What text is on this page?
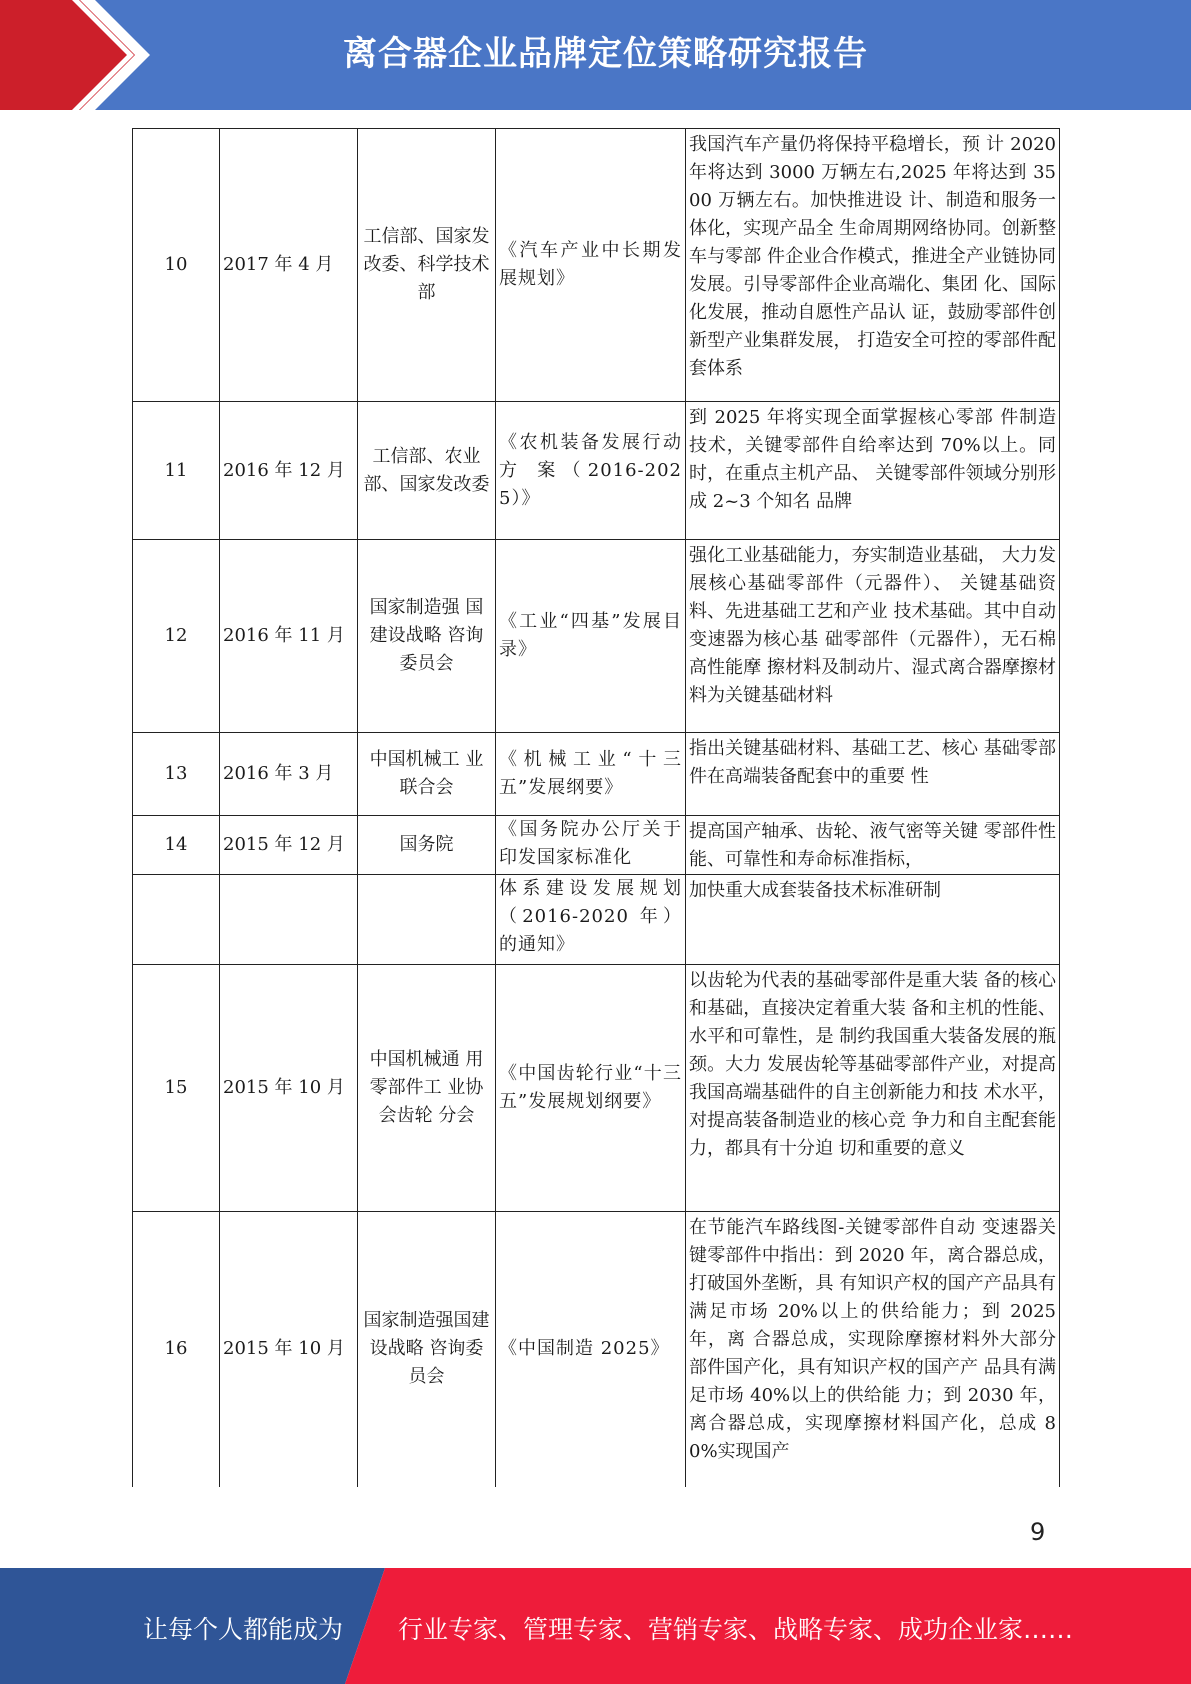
离合器企业品牌定位策略研究报告
10	2017 年 4 月	工信部、国家发改委、科学技术部	《汽车产业中长期发展规划》	我国汽车产量仍将保持平稳增长，预 计 2020 年将达到 3000 万辆左右,2025 年将达到 3500 万辆左右。加快推进设 计、制造和服务一体化，实现产品全 生命周期网络协同。创新整车与零部 件企业合作模式，推进全产业链协同 发展。引导零部件企业高端化、集团 化、国际化发展，推动自愿性产品认 证，鼓励零部件创新型产业集群发展， 打造安全可控的零部件配套体系
11	2016 年 12 月	工信部、农业部、国家发改委	《农机装备发展行动 方 案（2016-2025）》	到 2025 年将实现全面掌握核心零部 件制造技术，关键零部件自给率达到 70%以上。同时，在重点主机产品、 关键零部件领域分别形成 2~3 个知名 品牌
12	2016 年 11 月	国家制造强 国建设战略 咨询委员会	《工业“四基”发展目录》	强化工业基础能力，夯实制造业基础， 大力发展核心基础零部件（元器件）、 关键基础资料、先进基础工艺和产业 技术基础。其中自动变速器为核心基 础零部件（元器件），无石棉高性能摩 擦材料及制动片、湿式离合器摩擦材 料为关键基础材料
13	2016 年 3 月	中国机械工 业联合会	《机械工业“十三五”发展纲要》	指出关键基础材料、基础工艺、核心 基础零部件在高端装备配套中的重要 性
14	2015 年 12 月	国务院	《国务院办公厅关于印发国家标准化	提高国产轴承、齿轮、液气密等关键 零部件性能、可靠性和寿命标准指标，
			体系建设发展规划（2016-2020 年） 的通知》	加快重大成套装备技术标准研制
15	2015 年 10 月	中国机械通 用零部件工 业协会齿轮 分会	《中国齿轮行业“十三五”发展规划纲要》	以齿轮为代表的基础零部件是重大装 备的核心和基础，直接决定着重大装 备和主机的性能、水平和可靠性，是 制约我国重大装备发展的瓶颈。大力 发展齿轮等基础零部件产业，对提高 我国高端基础件的自主创新能力和技 术水平，对提高装备制造业的核心竞 争力和自主配套能力，都具有十分迫 切和重要的意义
16	2015 年 10 月	国家制造强国建设战略 咨询委员会	《中国制造 2025》	在节能汽车路线图-关键零部件自动 变速器关键零部件中指出：到 2020 年，离合器总成，打破国外垄断，具 有知识产权的国产产品具有满足市场 20%以上的供给能力；到 2025 年，离 合器总成，实现除摩擦材料外大部分 部件国产化，具有知识产权的国产产 品具有满足市场 40%以上的供给能 力；到 2030 年，离合器总成，实现摩擦材料国产化，总成 80%实现国产
9
让每个人都能成为 行业专家、管理专家、营销专家、战略专家、成功企业家……
